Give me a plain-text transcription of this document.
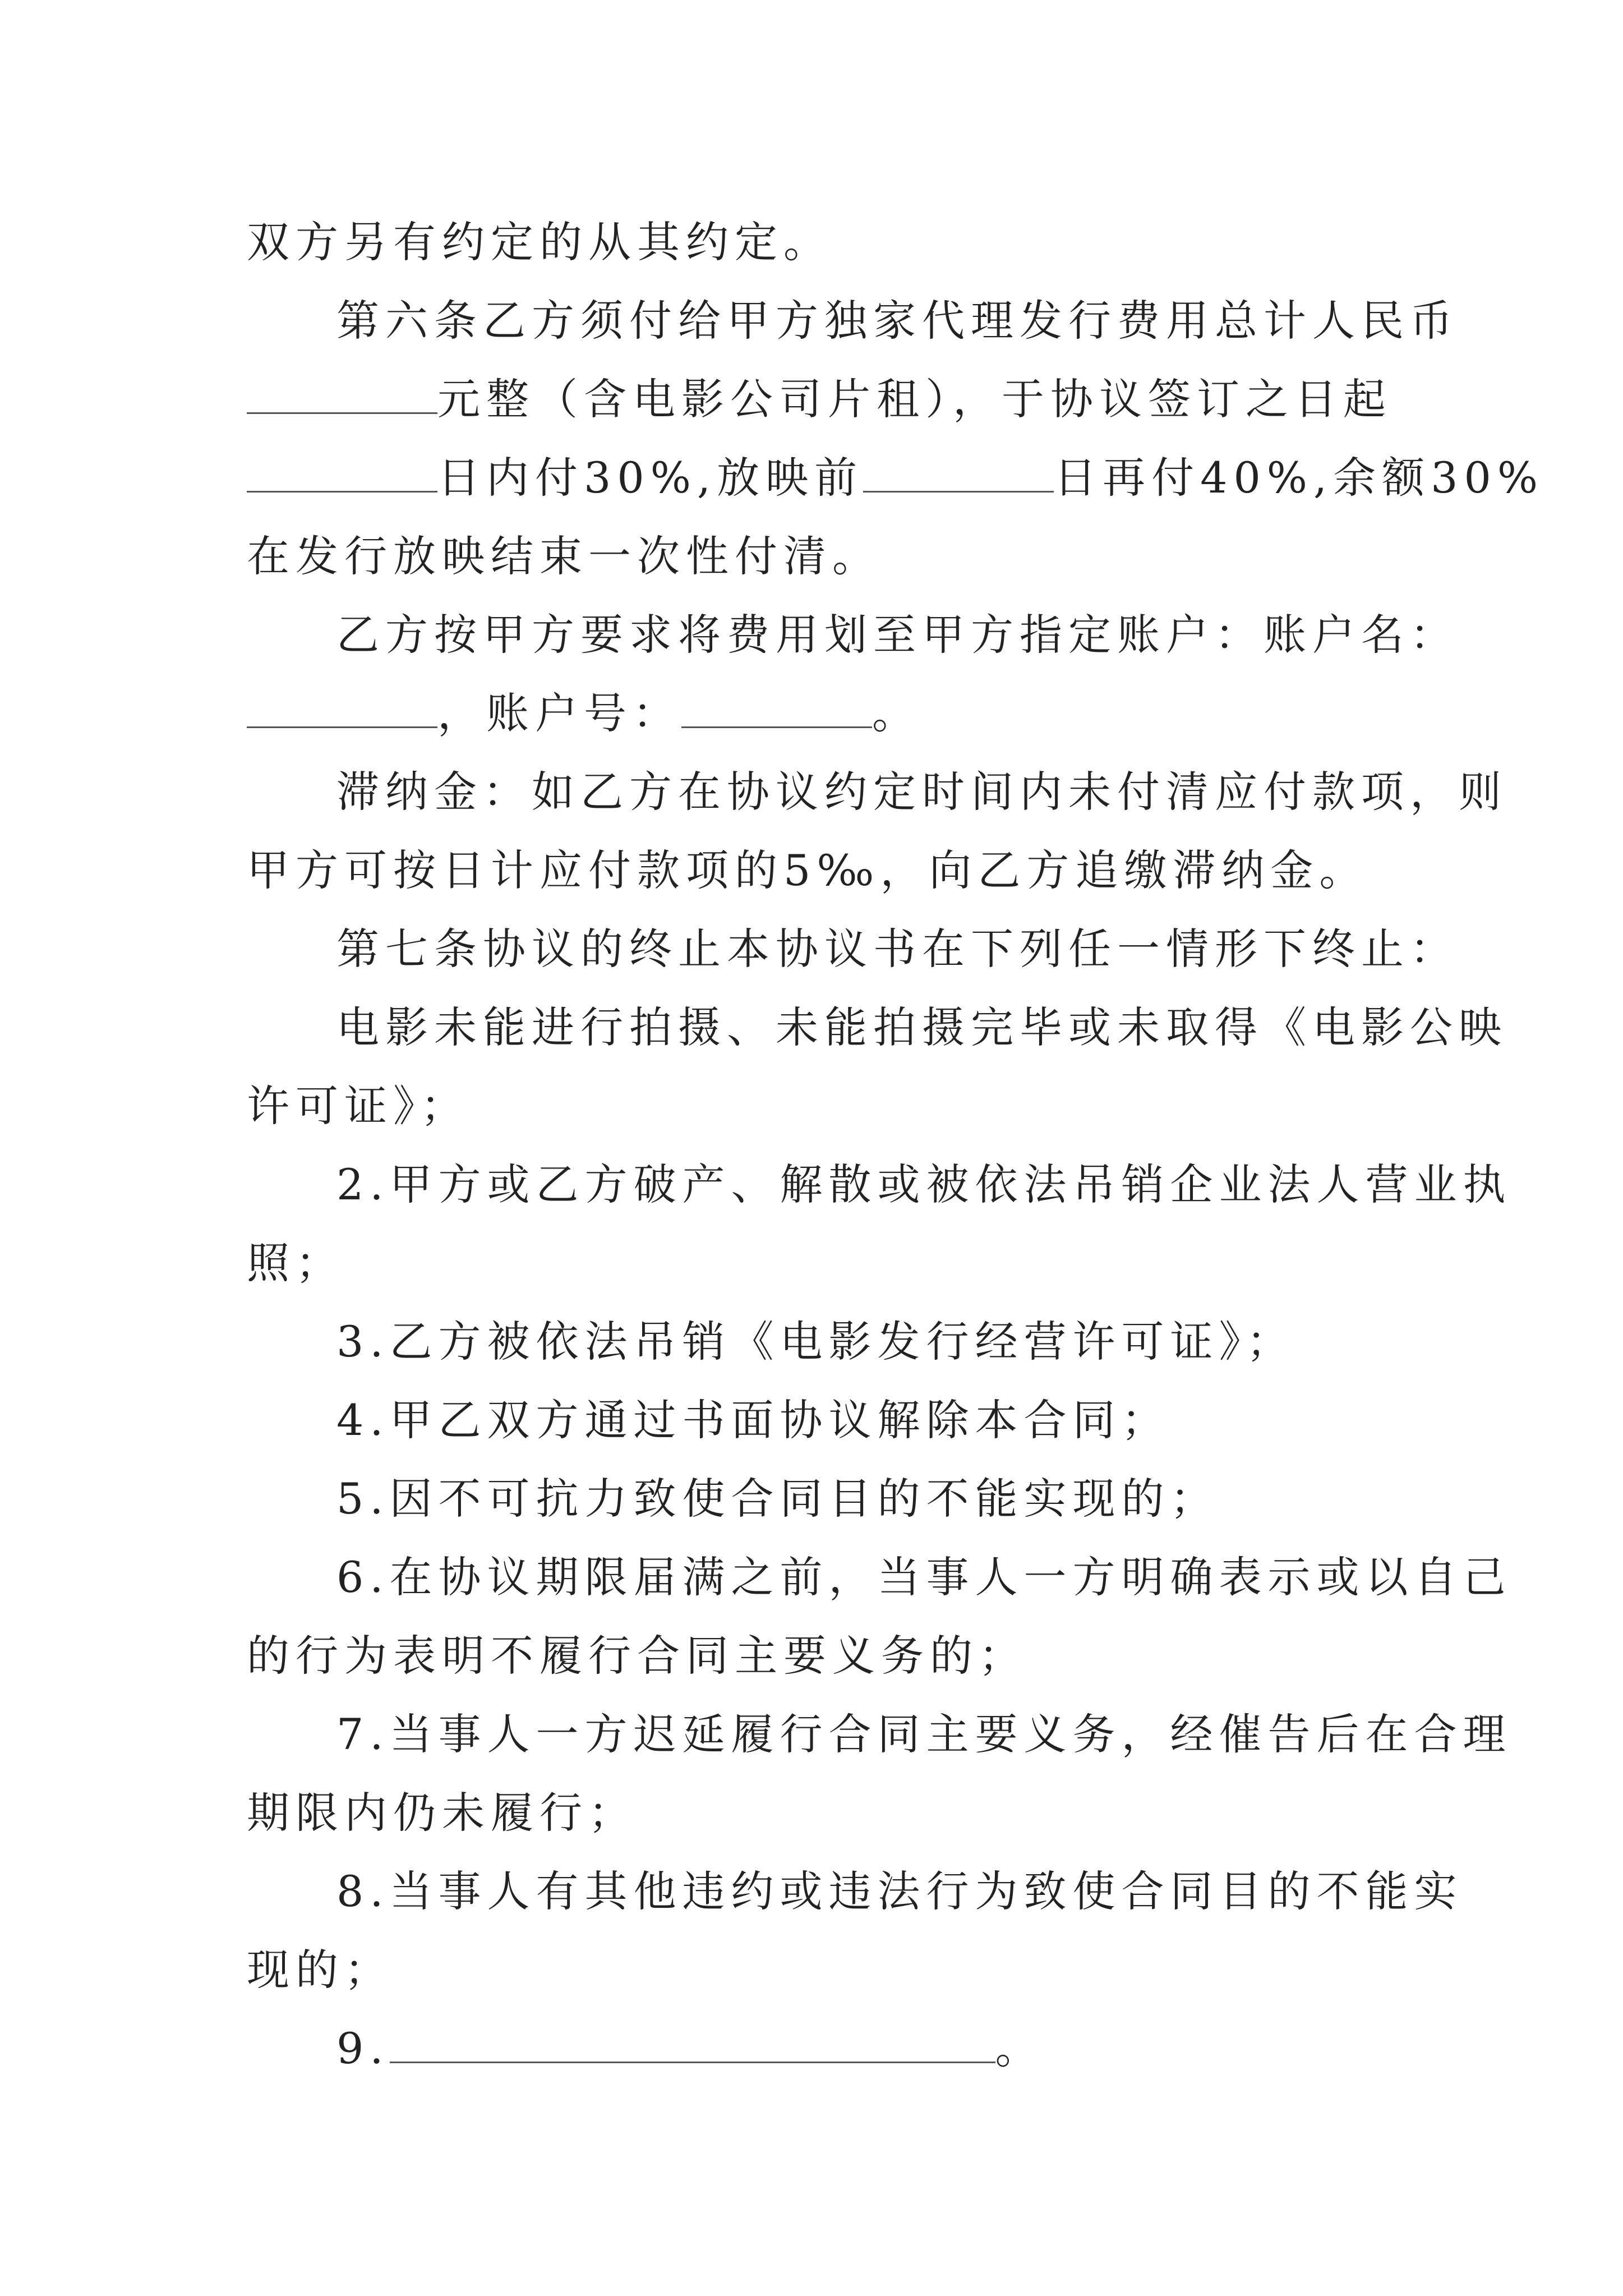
双方另有约定的从其约定。
第六条乙方须付给甲方独家代理发行费用总计人民币
元整（含电影公司片租），于协议签订之日起
日内付30%,放映前	日再付40%,余额30%
在发行放映结束一次性付清。
乙方按甲方要求将费用划至甲方指定账户：账户名：
，账户号：	。
滞纳金：如乙方在协议约定时间内未付清应付款项，则
甲方可按日计应付款项的5‰，向乙方追缴滞纳金。
第七条协议的终止本协议书在下列任一情形下终止：
电影未能进行拍摄、未能拍摄完毕或未取得《电影公映
许可证》；
2.甲方或乙方破产、解散或被依法吊销企业法人营业执
照；
3.乙方被依法吊销《电影发行经营许可证》；
4.甲乙双方通过书面协议解除本合同；
5.因不可抗力致使合同目的不能实现的；
6.在协议期限届满之前，当事人一方明确表示或以自己
的行为表明不履行合同主要义务的；
7.当事人一方迟延履行合同主要义务，经催告后在合理
期限内仍未履行；
8.当事人有其他违约或违法行为致使合同目的不能实
现的；
9.	。
